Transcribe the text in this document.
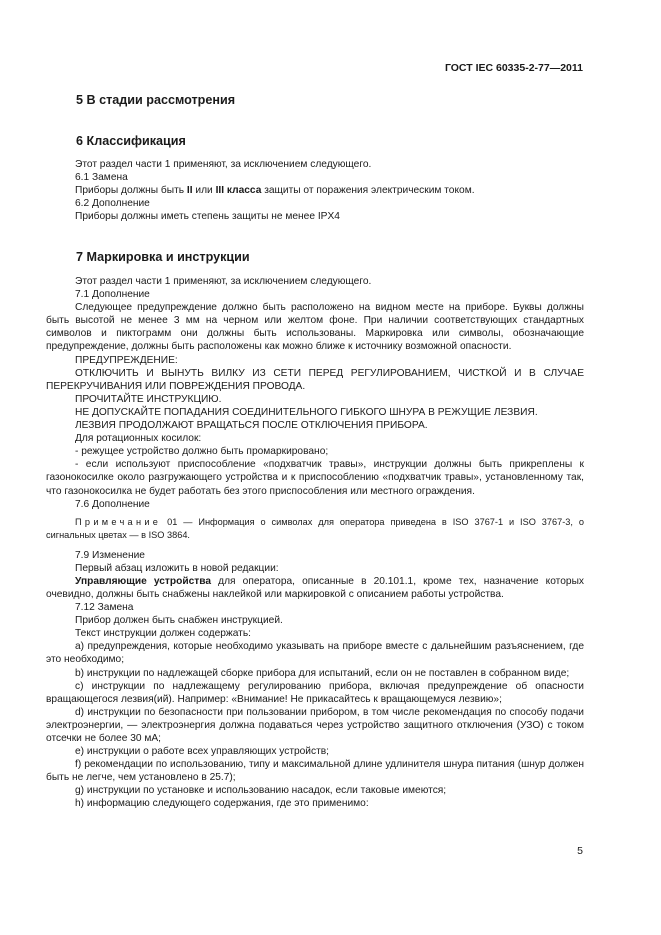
ГОСТ IEC 60335-2-77—2011
5 В стадии рассмотрения
6 Классификация

Этот раздел части 1 применяют, за исключением следующего.

6.1 Замена

Приборы должны быть II или III класса защиты от поражения электрическим током.

6.2 Дополнение

Приборы должны иметь степень защиты не менее IPX4

7 Маркировка и инструкции

Этот раздел части 1 применяют, за исключением следующего.

7.1 Дополнение

Следующее предупреждение должно быть расположено на видном месте на приборе. Буквы должны быть высотой не менее 3 мм на черном или желтом фоне. При наличии соответствующих стандартных символов и пиктограмм они должны быть использованы. Маркировка или символы, обозначающие предупреждение, должны быть расположены как можно ближе к источнику возможной опасности.

ПРЕДУПРЕЖДЕНИЕ:

ОТКЛЮЧИТЬ И ВЫНУТЬ ВИЛКУ ИЗ СЕТИ ПЕРЕД РЕГУЛИРОВАНИЕМ, ЧИСТКОЙ И В СЛУЧАЕ ПЕРЕКРУЧИВАНИЯ ИЛИ ПОВРЕЖДЕНИЯ ПРОВОДА.

ПРОЧИТАЙТЕ ИНСТРУКЦИЮ.

НЕ ДОПУСКАЙТЕ ПОПАДАНИЯ СОЕДИНИТЕЛЬНОГО ГИБКОГО ШНУРА В РЕЖУЩИЕ ЛЕЗВИЯ.

ЛЕЗВИЯ ПРОДОЛЖАЮТ ВРАЩАТЬСЯ ПОСЛЕ ОТКЛЮЧЕНИЯ ПРИБОРА.

Для ротационных косилок:

- режущее устройство должно быть промаркировано;

- если используют приспособление «подхватчик травы», инструкции должны быть прикреплены к газонокосилке около разгружающего устройства и к приспособлению «подхватчик травы», установленному так, что газонокосилка не будет работать без этого приспособления или местного ограждения.

7.6 Дополнение

Примечание 01 — Информация о символах для оператора приведена в ISO 3767-1 и ISO 3767-3, о сигнальных цветах — в ISO 3864.

7.9 Изменение

Первый абзац изложить в новой редакции:

Управляющие устройства для оператора, описанные в 20.101.1, кроме тех, назначение которых очевидно, должны быть снабжены наклейкой или маркировкой с описанием работы устройства.

7.12 Замена

Прибор должен быть снабжен инструкцией.

Текст инструкции должен содержать:

a) предупреждения, которые необходимо указывать на приборе вместе с дальнейшим разъяснением, где это необходимо;

b) инструкции по надлежащей сборке прибора для испытаний, если он не поставлен в собранном виде;

c) инструкции по надлежащему регулированию прибора, включая предупреждение об опасности вращающегося лезвия(ий). Например: «Внимание! Не прикасайтесь к вращающемуся лезвию»;

d) инструкции по безопасности при пользовании прибором, в том числе рекомендация по способу подачи электроэнергии, — электроэнергия должна подаваться через устройство защитного отключения (УЗО) с током отсечки не более 30 мА;

e) инструкции о работе всех управляющих устройств;

f) рекомендации по использованию, типу и максимальной длине удлинителя шнура питания (шнур должен быть не легче, чем установлено в 25.7);

g) инструкции по установке и использованию насадок, если таковые имеются;

h) информацию следующего содержания, где это применимо:

5
